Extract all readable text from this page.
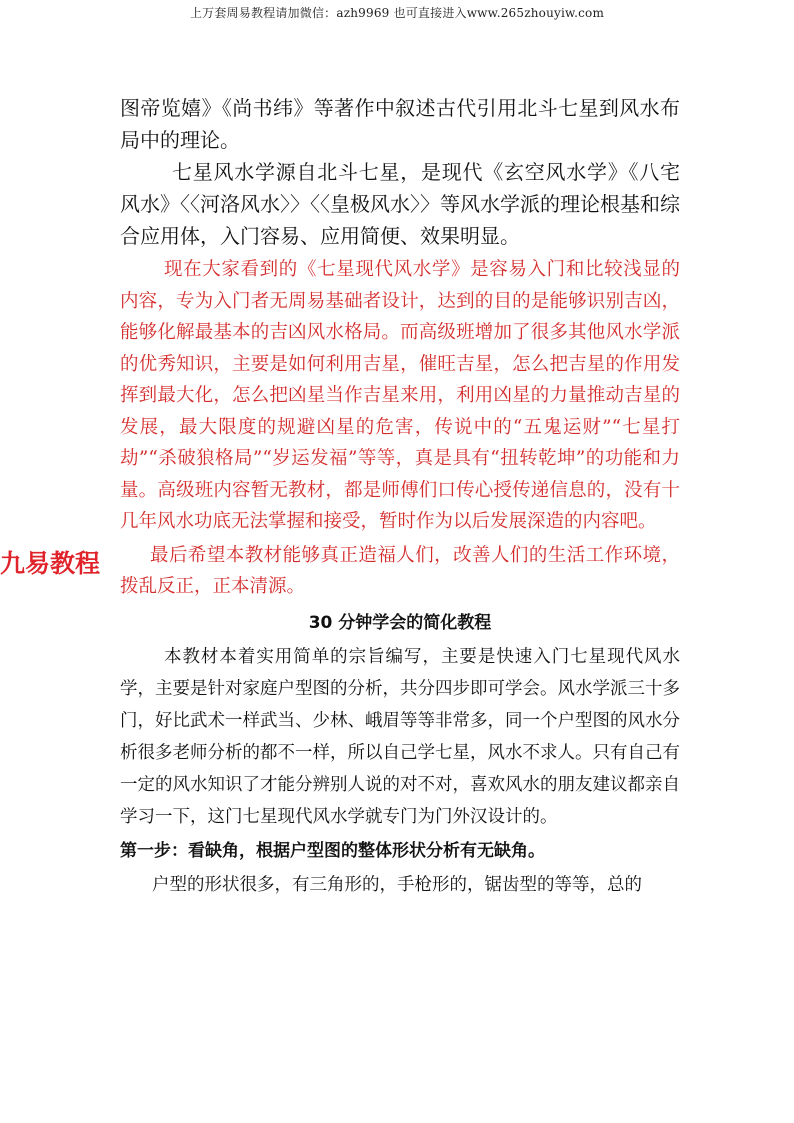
上万套周易教程请加微信：azh9969 也可直接进入www.265zhouyiw.com
九易教程

图帝览嬉》《尚书纬》等著作中叙述古代引用北斗七星到风水布局中的理论。

七星风水学源自北斗七星，是现代《玄空风水学》《八宅风水》〈〈河洛风水〉〉〈〈皇极风水〉〉等风水学派的理论根基和综合应用体，入门容易、应用简便、效果明显。

现在大家看到的《七星现代风水学》是容易入门和比较浅显的内容，专为入门者无周易基础者设计，达到的目的是能够识别吉凶，能够化解最基本的吉凶风水格局。而高级班增加了很多其他风水学派的优秀知识，主要是如何利用吉星，催旺吉星，怎么把吉星的作用发挥到最大化，怎么把凶星当作吉星来用，利用凶星的力量推动吉星的发展，最大限度的规避凶星的危害，传说中的“五鬼运财”“七星打劫”“杀破狼格局”“岁运发福”等等，真是具有“扭转乾坤”的功能和力量。高级班内容暂无教材，都是师傅们口传心授传递信息的，没有十几年风水功底无法掌握和接受，暂时作为以后发展深造的内容吧。

最后希望本教材能够真正造福人们，改善人们的生活工作环境，拨乱反正，正本清源。

30 分钟学会的简化教程

本教材本着实用简单的宗旨编写，主要是快速入门七星现代风水学，主要是针对家庭户型图的分析，共分四步即可学会。风水学派三十多门，好比武术一样武当、少林、峨眉等等非常多，同一个户型图的风水分析很多老师分析的都不一样，所以自己学七星，风水不求人。只有自己有一定的风水知识了才能分辨别人说的对不对，喜欢风水的朋友建议都亲自学习一下，这门七星现代风水学就专门为门外汉设计的。

第一步：看缺角，根据户型图的整体形状分析有无缺角。

户型的形状很多，有三角形的，手枪形的，锯齿型的等等，总的
